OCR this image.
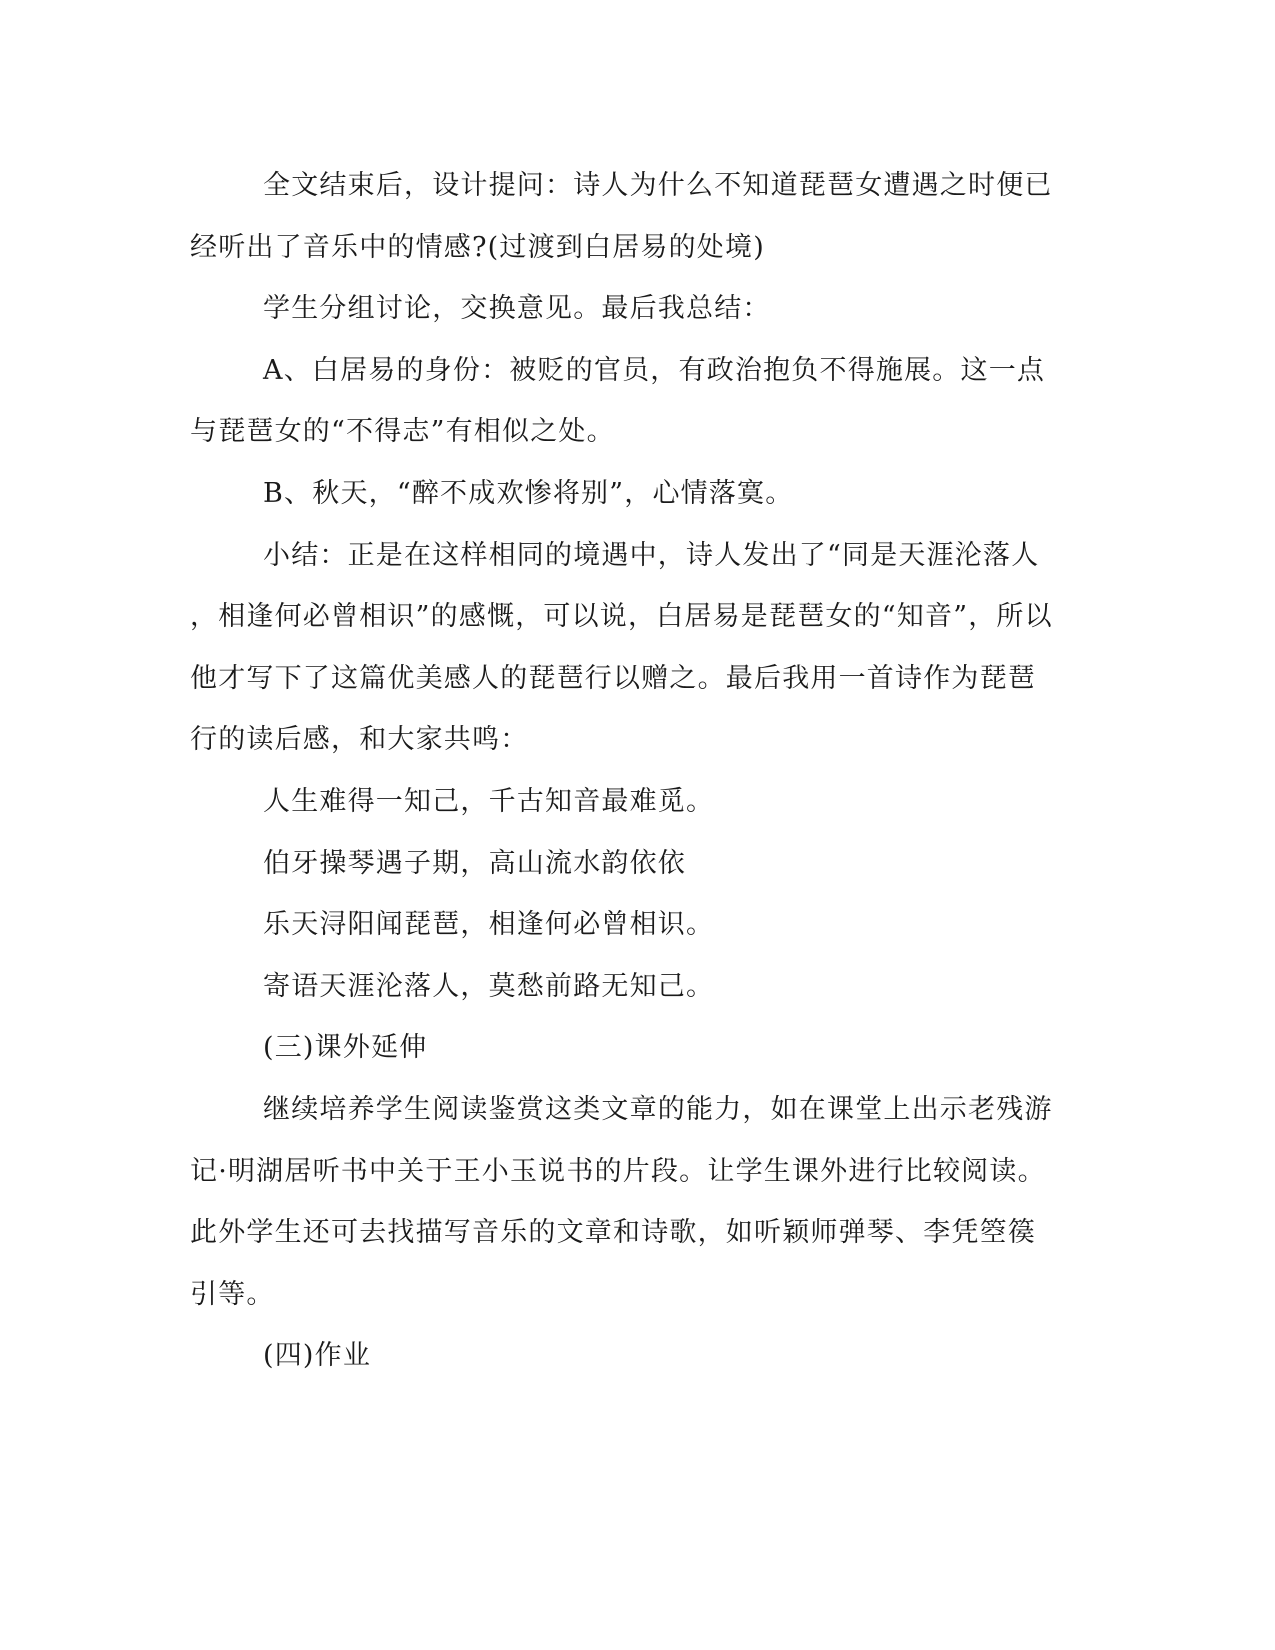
全文结束后，设计提问：诗人为什么不知道琵琶女遭遇之时便已
经听出了音乐中的情感?(过渡到白居易的处境)
学生分组讨论，交换意见。最后我总结：
A、白居易的身份：被贬的官员，有政治抱负不得施展。这一点
与琵琶女的“不得志”有相似之处。
B、秋天，“醉不成欢惨将别”，心情落寞。
小结：正是在这样相同的境遇中，诗人发出了“同是天涯沦落人
，相逢何必曾相识”的感慨，可以说，白居易是琵琶女的“知音”，所以
他才写下了这篇优美感人的琵琶行以赠之。最后我用一首诗作为琵琶
行的读后感，和大家共鸣：
人生难得一知己，千古知音最难觅。
伯牙操琴遇子期，高山流水韵依依
乐天浔阳闻琵琶，相逢何必曾相识。
寄语天涯沦落人，莫愁前路无知己。
(三)课外延伸
继续培养学生阅读鉴赏这类文章的能力，如在课堂上出示老残游
记·明湖居听书中关于王小玉说书的片段。让学生课外进行比较阅读。
此外学生还可去找描写音乐的文章和诗歌，如听颖师弹琴、李凭箜篌
引等。
(四)作业
